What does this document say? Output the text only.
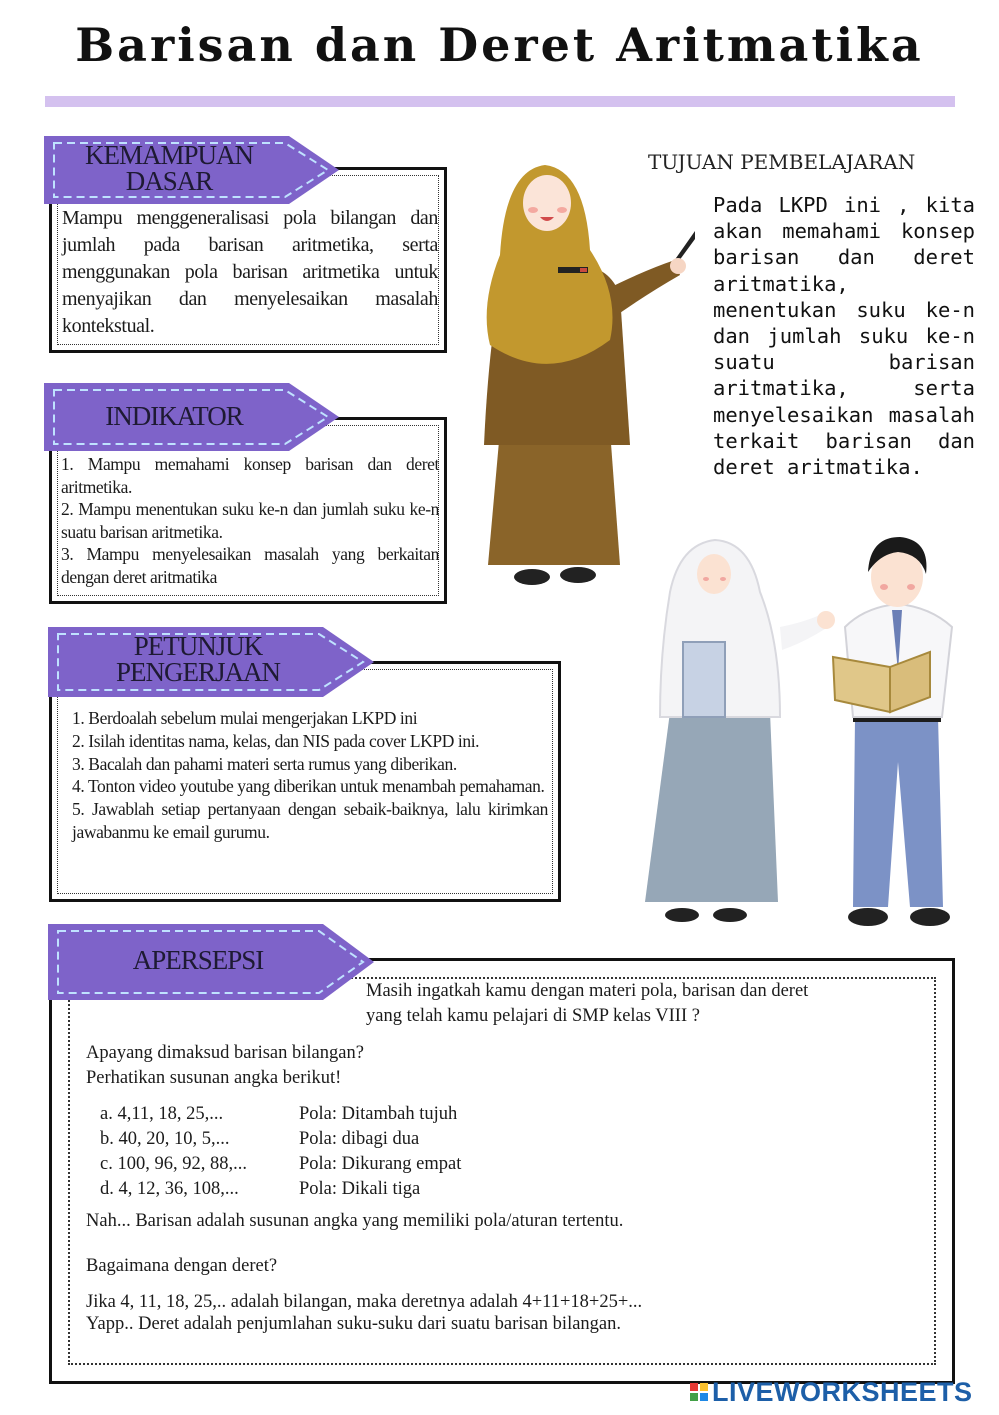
Barisan dan Deret Aritmatika
Mampu menggeneralisasi pola bilangan dan jumlah pada barisan aritmetika, serta menggunakan pola barisan aritmetika untuk menyajikan dan menyelesaikan masalah kontekstual.
KEMAMPUAN
DASAR
1. Mampu memahami konsep barisan dan deret aritmetika.
2. Mampu menentukan suku ke-n dan jumlah suku ke-n suatu barisan aritmetika.
3. Mampu menyelesaikan masalah yang berkaitan dengan deret aritmatika
INDIKATOR
1. Berdoalah sebelum mulai mengerjakan LKPD ini
2. Isilah identitas nama, kelas, dan NIS pada cover LKPD ini.
3. Bacalah dan pahami materi serta rumus yang diberikan.
4. Tonton video youtube yang diberikan untuk menambah pemahaman.
5. Jawablah setiap pertanyaan dengan sebaik-baiknya, lalu kirimkan jawabanmu ke email gurumu.
PETUNJUK
PENGERJAAN
TUJUAN PEMBELAJARAN
Pada LKPD ini , kita akan memahami konsep barisan dan deret aritmatika, menentukan suku ke-n dan jumlah suku ke-n suatu barisan aritmatika, serta menyelesaikan masalah terkait barisan dan deret aritmatika.
APERSEPSI
Masih ingatkah kamu dengan materi pola, barisan dan deret
yang telah kamu pelajari di SMP kelas VIII ?
Apayang dimaksud barisan bilangan?
Perhatikan susunan angka berikut!
a. 4,11, 18, 25,...	Pola: Ditambah tujuh
b. 40, 20, 10, 5,...	Pola: dibagi dua
c. 100, 96, 92, 88,...	Pola: Dikurang empat
d. 4, 12, 36, 108,...	Pola: Dikali tiga
Nah... Barisan adalah susunan angka yang memiliki pola/aturan tertentu.
Bagaimana dengan deret?
Jika 4, 11, 18, 25,.. adalah bilangan, maka deretnya adalah 4+11+18+25+...
Yapp.. Deret adalah penjumlahan suku-suku dari suatu barisan bilangan.
LIVEWORKSHEETS
